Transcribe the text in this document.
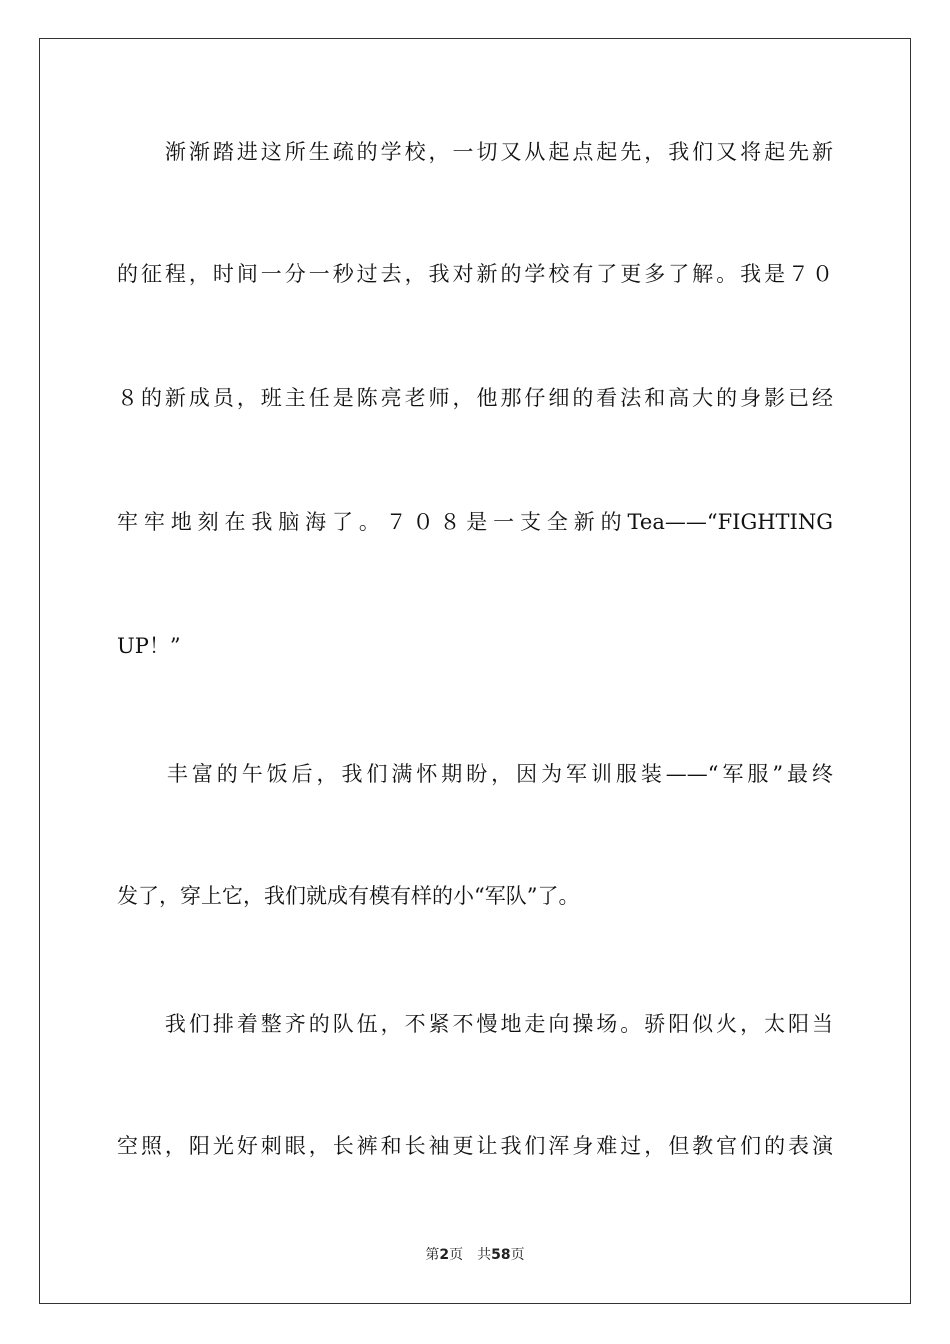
　　渐渐踏进这所生疏的学校，一切又从起点起先，我们又将起先新
的征程，时间一分一秒过去，我对新的学校有了更多了解。我是７０
８的新成员，班主任是陈亮老师，他那仔细的看法和高大的身影已经
牢牢地刻在我脑海了。７０８是一支全新的Tea——“FIGHTING
UP！”
　　丰富的午饭后，我们满怀期盼，因为军训服装——“军服”最终
发了，穿上它，我们就成有模有样的小“军队”了。
　　我们排着整齐的队伍，不紧不慢地走向操场。骄阳似火，太阳当
空照，阳光好刺眼，长裤和长袖更让我们浑身难过，但教官们的表演
第2页　共58页
